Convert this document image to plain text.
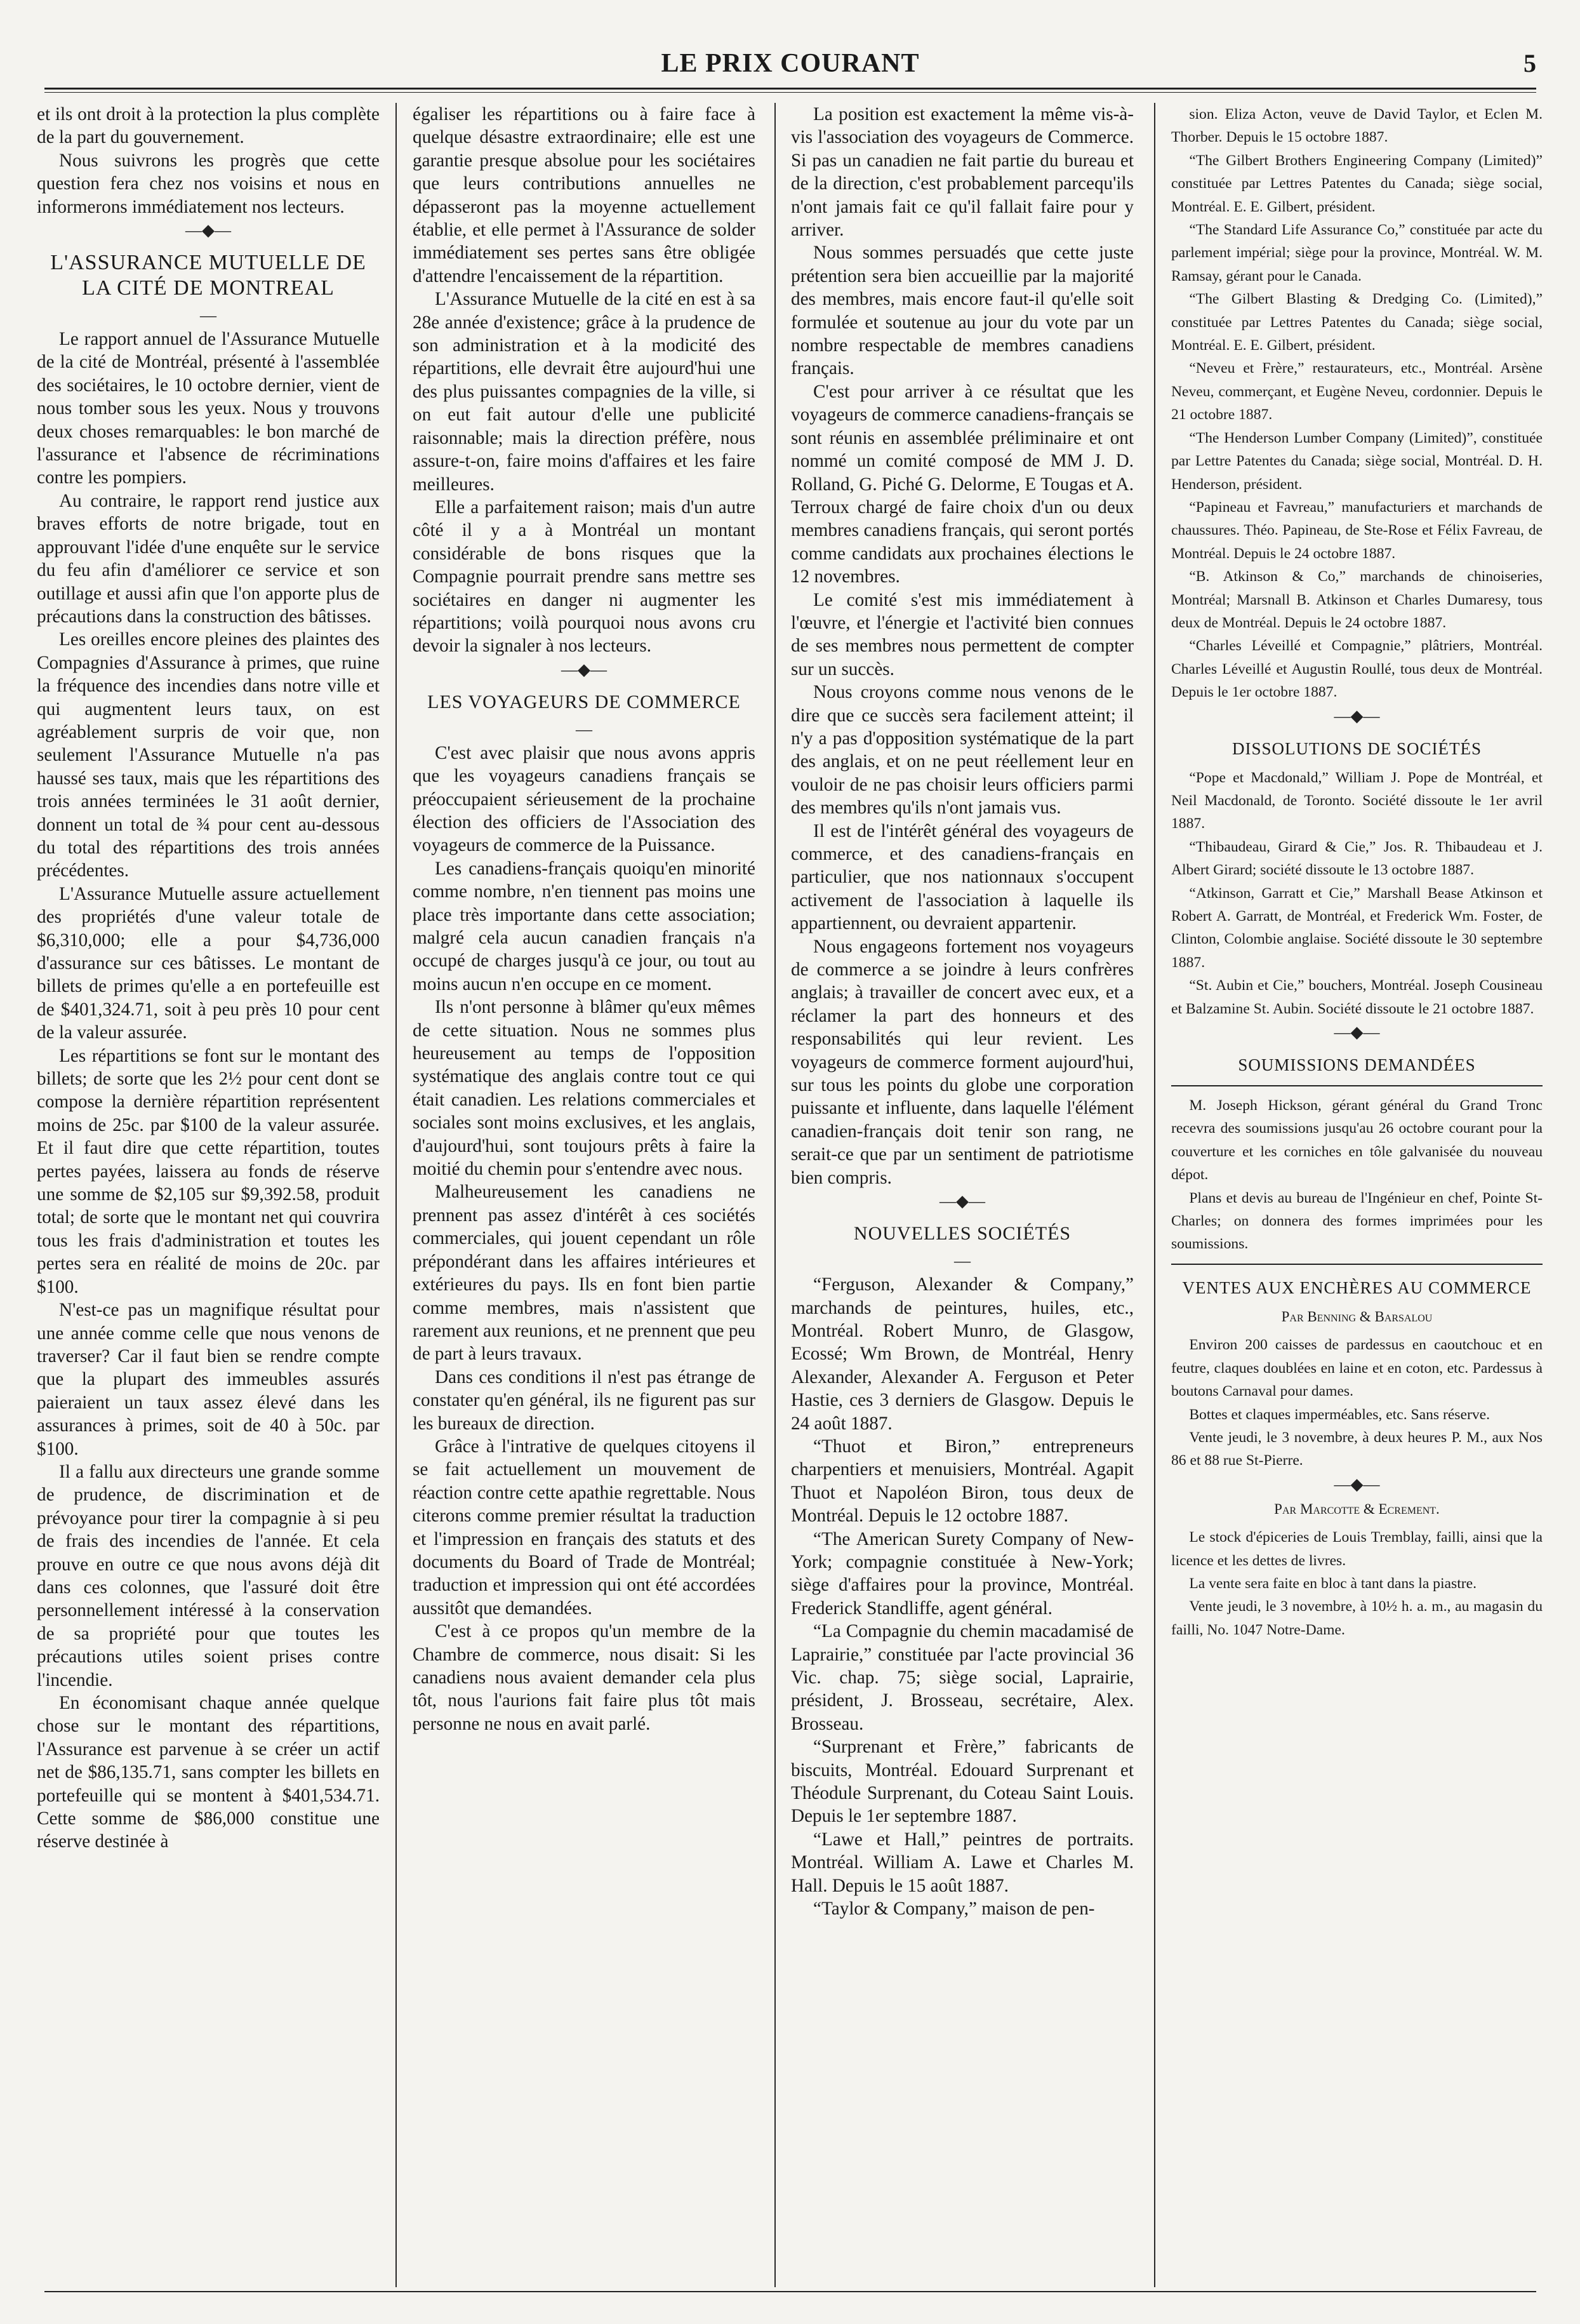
LE PRIX COURANT	5

et ils ont droit à la protection la plus complète de la part du gouvernement.

Nous suivrons les progrès que cette question fera chez nos voisins et nous en informerons immédiatement nos lecteurs.

—◆—
L'ASSURANCE MUTUELLE DE LA CITÉ DE MONTREAL
—

Le rapport annuel de l'Assurance Mutuelle de la cité de Montréal, présenté à l'assemblée des sociétaires, le 10 octobre dernier, vient de nous tomber sous les yeux. Nous y trouvons deux choses remarquables: le bon marché de l'assurance et l'absence de récriminations contre les pompiers.

Au contraire, le rapport rend justice aux braves efforts de notre brigade, tout en approuvant l'idée d'une enquête sur le service du feu afin d'améliorer ce service et son outillage et aussi afin que l'on apporte plus de précautions dans la construction des bâtisses.

Les oreilles encore pleines des plaintes des Compagnies d'Assurance à primes, que ruine la fréquence des incendies dans notre ville et qui augmentent leurs taux, on est agréablement surpris de voir que, non seulement l'Assurance Mutuelle n'a pas haussé ses taux, mais que les répartitions des trois années terminées le 31 août dernier, donnent un total de ¾ pour cent au-dessous du total des répartitions des trois années précédentes.

L'Assurance Mutuelle assure actuellement des propriétés d'une valeur totale de $6,310,000; elle a pour $4,736,000 d'assurance sur ces bâtisses. Le montant de billets de primes qu'elle a en portefeuille est de $401,324.71, soit à peu près 10 pour cent de la valeur assurée.

Les répartitions se font sur le montant des billets; de sorte que les 2½ pour cent dont se compose la dernière répartition représentent moins de 25c. par $100 de la valeur assurée. Et il faut dire que cette répartition, toutes pertes payées, laissera au fonds de réserve une somme de $2,105 sur $9,392.58, produit total; de sorte que le montant net qui couvrira tous les frais d'administration et toutes les pertes sera en réalité de moins de 20c. par $100.

N'est-ce pas un magnifique résultat pour une année comme celle que nous venons de traverser? Car il faut bien se rendre compte que la plupart des immeubles assurés paieraient un taux assez élevé dans les assurances à primes, soit de 40 à 50c. par $100.

Il a fallu aux directeurs une grande somme de prudence, de discrimination et de prévoyance pour tirer la compagnie à si peu de frais des incendies de l'année. Et cela prouve en outre ce que nous avons déjà dit dans ces colonnes, que l'assuré doit être personnellement intéressé à la conservation de sa propriété pour que toutes les précautions utiles soient prises contre l'incendie.

En économisant chaque année quelque chose sur le montant des répartitions, l'Assurance est parvenue à se créer un actif net de $86,135.71, sans compter les billets en portefeuille qui se montent à $401,534.71. Cette somme de $86,000 constitue une réserve destinée à

égaliser les répartitions ou à faire face à quelque désastre extraordinaire; elle est une garantie presque absolue pour les sociétaires que leurs contributions annuelles ne dépasseront pas la moyenne actuellement établie, et elle permet à l'Assurance de solder immédiatement ses pertes sans être obligée d'attendre l'encaissement de la répartition.

L'Assurance Mutuelle de la cité en est à sa 28e année d'existence; grâce à la prudence de son administration et à la modicité des répartitions, elle devrait être aujourd'hui une des plus puissantes compagnies de la ville, si on eut fait autour d'elle une publicité raisonnable; mais la direction préfère, nous assure-t-on, faire moins d'affaires et les faire meilleures.

Elle a parfaitement raison; mais d'un autre côté il y a à Montréal un montant considérable de bons risques que la Compagnie pourrait prendre sans mettre ses sociétaires en danger ni augmenter les répartitions; voilà pourquoi nous avons cru devoir la signaler à nos lecteurs.

—◆—
LES VOYAGEURS DE COMMERCE
—

C'est avec plaisir que nous avons appris que les voyageurs canadiens français se préoccupaient sérieusement de la prochaine élection des officiers de l'Association des voyageurs de commerce de la Puissance.

Les canadiens-français quoiqu'en minorité comme nombre, n'en tiennent pas moins une place très importante dans cette association; malgré cela aucun canadien français n'a occupé de charges jusqu'à ce jour, ou tout au moins aucun n'en occupe en ce moment.

Ils n'ont personne à blâmer qu'eux mêmes de cette situation. Nous ne sommes plus heureusement au temps de l'opposition systématique des anglais contre tout ce qui était canadien. Les relations commerciales et sociales sont moins exclusives, et les anglais, d'aujourd'hui, sont toujours prêts à faire la moitié du chemin pour s'entendre avec nous.

Malheureusement les canadiens ne prennent pas assez d'intérêt à ces sociétés commerciales, qui jouent cependant un rôle prépondérant dans les affaires intérieures et extérieures du pays. Ils en font bien partie comme membres, mais n'assistent que rarement aux reunions, et ne prennent que peu de part à leurs travaux.

Dans ces conditions il n'est pas étrange de constater qu'en général, ils ne figurent pas sur les bureaux de direction.

Grâce à l'intrative de quelques citoyens il se fait actuellement un mouvement de réaction contre cette apathie regrettable. Nous citerons comme premier résultat la traduction et l'impression en français des statuts et des documents du Board of Trade de Montréal; traduction et impression qui ont été accordées aussitôt que demandées.

C'est à ce propos qu'un membre de la Chambre de commerce, nous disait: Si les canadiens nous avaient demander cela plus tôt, nous l'aurions fait faire plus tôt mais personne ne nous en avait parlé.

La position est exactement la même vis-à-vis l'association des voyageurs de Commerce. Si pas un canadien ne fait partie du bureau et de la direction, c'est probablement parcequ'ils n'ont jamais fait ce qu'il fallait faire pour y arriver.

Nous sommes persuadés que cette juste prétention sera bien accueillie par la majorité des membres, mais encore faut-il qu'elle soit formulée et soutenue au jour du vote par un nombre respectable de membres canadiens français.

C'est pour arriver à ce résultat que les voyageurs de commerce canadiens-français se sont réunis en assemblée préliminaire et ont nommé un comité composé de MM J. D. Rolland, G. Piché G. Delorme, E Tougas et A. Terroux chargé de faire choix d'un ou deux membres canadiens français, qui seront portés comme candidats aux prochaines élections le 12 novembres.

Le comité s'est mis immédiatement à l'œuvre, et l'énergie et l'activité bien connues de ses membres nous permettent de compter sur un succès.

Nous croyons comme nous venons de le dire que ce succès sera facilement atteint; il n'y a pas d'opposition systématique de la part des anglais, et on ne peut réellement leur en vouloir de ne pas choisir leurs officiers parmi des membres qu'ils n'ont jamais vus.

Il est de l'intérêt général des voyageurs de commerce, et des canadiens-français en particulier, que nos nationnaux s'occupent activement de l'association à laquelle ils appartiennent, ou devraient appartenir.

Nous engageons fortement nos voyageurs de commerce a se joindre à leurs confrères anglais; à travailler de concert avec eux, et a réclamer la part des honneurs et des responsabilités qui leur revient. Les voyageurs de commerce forment aujourd'hui, sur tous les points du globe une corporation puissante et influente, dans laquelle l'élément canadien-français doit tenir son rang, ne serait-ce que par un sentiment de patriotisme bien compris.

—◆—
NOUVELLES SOCIÉTÉS
—

“Ferguson, Alexander & Company,” marchands de peintures, huiles, etc., Montréal. Robert Munro, de Glasgow, Ecossé; Wm Brown, de Montréal, Henry Alexander, Alexander A. Ferguson et Peter Hastie, ces 3 derniers de Glasgow. Depuis le 24 août 1887.

“Thuot et Biron,” entrepreneurs charpentiers et menuisiers, Montréal. Agapit Thuot et Napoléon Biron, tous deux de Montréal. Depuis le 12 octobre 1887.

“The American Surety Company of New-York; compagnie constituée à New-York; siège d'affaires pour la province, Montréal. Frederick Standliffe, agent général.

“La Compagnie du chemin macadamisé de Laprairie,” constituée par l'acte provincial 36 Vic. chap. 75; siège social, Laprairie, président, J. Brosseau, secrétaire, Alex. Brosseau.

“Surprenant et Frère,” fabricants de biscuits, Montréal. Edouard Surprenant et Théodule Surprenant, du Coteau Saint Louis. Depuis le 1er septembre 1887.

“Lawe et Hall,” peintres de portraits. Montréal. William A. Lawe et Charles M. Hall. Depuis le 15 août 1887.

“Taylor & Company,” maison de pen-

sion. Eliza Acton, veuve de David Taylor, et Eclen M. Thorber. Depuis le 15 octobre 1887.

“The Gilbert Brothers Engineering Company (Limited)” constituée par Lettres Patentes du Canada; siège social, Montréal. E. E. Gilbert, président.

“The Standard Life Assurance Co,” constituée par acte du parlement impérial; siège pour la province, Montréal. W. M. Ramsay, gérant pour le Canada.

“The Gilbert Blasting & Dredging Co. (Limited),” constituée par Lettres Patentes du Canada; siège social, Montréal. E. E. Gilbert, président.

“Neveu et Frère,” restaurateurs, etc., Montréal. Arsène Neveu, commerçant, et Eugène Neveu, cordonnier. Depuis le 21 octobre 1887.

“The Henderson Lumber Company (Limited)”, constituée par Lettre Patentes du Canada; siège social, Montréal. D. H. Henderson, président.

“Papineau et Favreau,” manufacturiers et marchands de chaussures. Théo. Papineau, de Ste-Rose et Félix Favreau, de Montréal. Depuis le 24 octobre 1887.

“B. Atkinson & Co,” marchands de chinoiseries, Montréal; Marsnall B. Atkinson et Charles Dumaresy, tous deux de Montréal. Depuis le 24 octobre 1887.

“Charles Léveillé et Compagnie,” plâtriers, Montréal. Charles Léveillé et Augustin Roullé, tous deux de Montréal. Depuis le 1er octobre 1887.

—◆—
DISSOLUTIONS DE SOCIÉTÉS

“Pope et Macdonald,” William J. Pope de Montréal, et Neil Macdonald, de Toronto. Société dissoute le 1er avril 1887.

“Thibaudeau, Girard & Cie,” Jos. R. Thibaudeau et J. Albert Girard; société dissoute le 13 octobre 1887.

“Atkinson, Garratt et Cie,” Marshall Bease Atkinson et Robert A. Garratt, de Montréal, et Frederick Wm. Foster, de Clinton, Colombie anglaise. Société dissoute le 30 septembre 1887.

“St. Aubin et Cie,” bouchers, Montréal. Joseph Cousineau et Balzamine St. Aubin. Société dissoute le 21 octobre 1887.

—◆—
SOUMISSIONS DEMANDÉES

M. Joseph Hickson, gérant général du Grand Tronc recevra des soumissions jusqu'au 26 octobre courant pour la couverture et les corniches en tôle galvanisée du nouveau dépot.

Plans et devis au bureau de l'Ingénieur en chef, Pointe St-Charles; on donnera des formes imprimées pour les soumissions.

VENTES AUX ENCHÈRES AU COMMERCE
Par Benning & Barsalou

Environ 200 caisses de pardessus en caoutchouc et en feutre, claques doublées en laine et en coton, etc. Pardessus à boutons Carnaval pour dames.

Bottes et claques imperméables, etc. Sans réserve.

Vente jeudi, le 3 novembre, à deux heures P. M., aux Nos 86 et 88 rue St-Pierre.

—◆—
Par Marcotte & Ecrement.

Le stock d'épiceries de Louis Tremblay, failli, ainsi que la licence et les dettes de livres.

La vente sera faite en bloc à tant dans la piastre.

Vente jeudi, le 3 novembre, à 10½ h. a. m., au magasin du failli, No. 1047 Notre-Dame.
